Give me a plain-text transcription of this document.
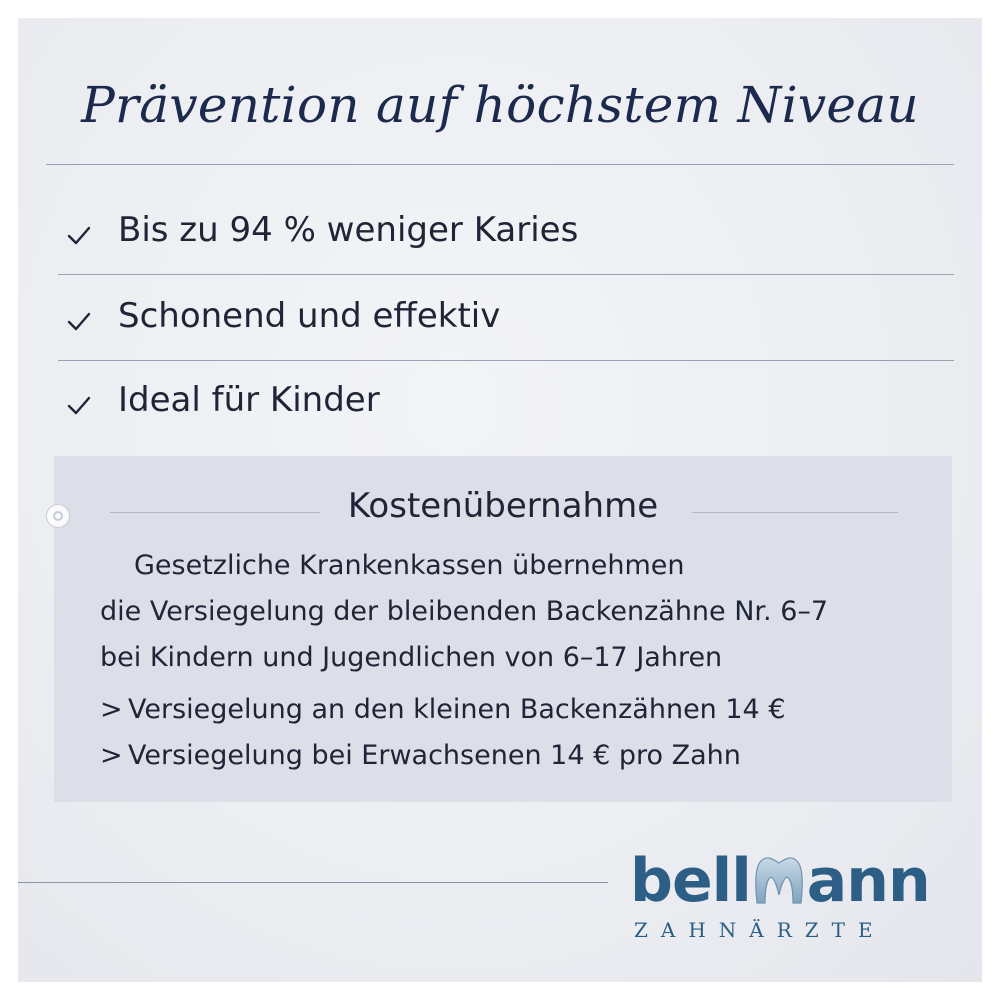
Prävention auf höchstem Niveau
Bis zu 94 % weniger Karies
Schonend und effektiv
Ideal für Kinder
Kostenübernahme
Gesetzliche Krankenkassen übernehmen
die Versiegelung der bleibenden Backenzähne Nr. 6–7
bei Kindern und Jugendlichen von 6–17 Jahren
> Versiegelung an den kleinen Backenzähnen 14 €
> Versiegelung bei Erwachsenen 14 € pro Zahn
bell ann
ZAHNÄRZTE
